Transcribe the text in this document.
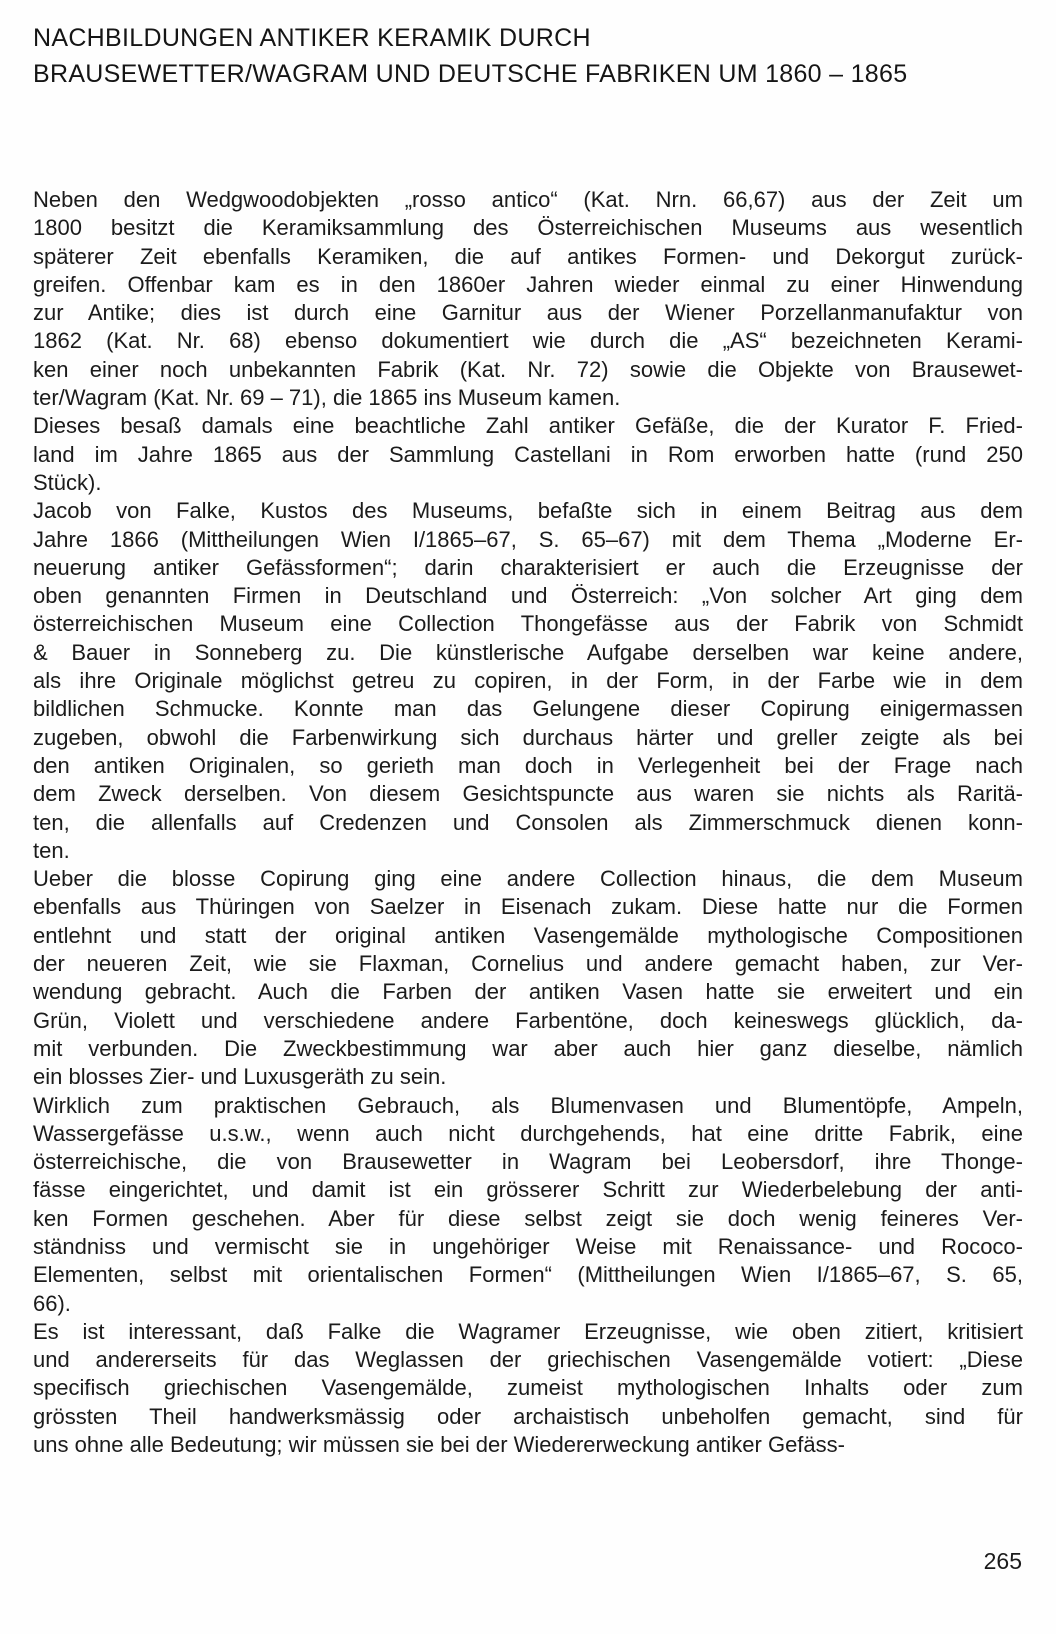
NACHBILDUNGEN ANTIKER KERAMIK DURCH
BRAUSEWETTER/WAGRAM UND DEUTSCHE FABRIKEN UM 1860 – 1865
Neben den Wedgwoodobjekten „rosso antico“ (Kat. Nrn. 66,67) aus der Zeit um
1800 besitzt die Keramiksammlung des Österreichischen Museums aus wesentlich
späterer Zeit ebenfalls Keramiken, die auf antikes Formen- und Dekorgut zurück-
greifen. Offenbar kam es in den 1860er Jahren wieder einmal zu einer Hinwendung
zur Antike; dies ist durch eine Garnitur aus der Wiener Porzellanmanufaktur von
1862 (Kat. Nr. 68) ebenso dokumentiert wie durch die „AS“ bezeichneten Kerami-
ken einer noch unbekannten Fabrik (Kat. Nr. 72) sowie die Objekte von Brausewet-
ter/Wagram (Kat. Nr. 69 – 71), die 1865 ins Museum kamen.
Dieses besaß damals eine beachtliche Zahl antiker Gefäße, die der Kurator F. Fried-
land im Jahre 1865 aus der Sammlung Castellani in Rom erworben hatte (rund 250
Stück).
Jacob von Falke, Kustos des Museums, befaßte sich in einem Beitrag aus dem
Jahre 1866 (Mittheilungen Wien I/1865–67, S. 65–67) mit dem Thema „Moderne Er-
neuerung antiker Gefässformen“; darin charakterisiert er auch die Erzeugnisse der
oben genannten Firmen in Deutschland und Österreich: „Von solcher Art ging dem
österreichischen Museum eine Collection Thongefässe aus der Fabrik von Schmidt
& Bauer in Sonneberg zu. Die künstlerische Aufgabe derselben war keine andere,
als ihre Originale möglichst getreu zu copiren, in der Form, in der Farbe wie in dem
bildlichen Schmucke. Konnte man das Gelungene dieser Copirung einigermassen
zugeben, obwohl die Farbenwirkung sich durchaus härter und greller zeigte als bei
den antiken Originalen, so gerieth man doch in Verlegenheit bei der Frage nach
dem Zweck derselben. Von diesem Gesichtspuncte aus waren sie nichts als Raritä-
ten, die allenfalls auf Credenzen und Consolen als Zimmerschmuck dienen konn-
ten.
Ueber die blosse Copirung ging eine andere Collection hinaus, die dem Museum
ebenfalls aus Thüringen von Saelzer in Eisenach zukam. Diese hatte nur die Formen
entlehnt und statt der original antiken Vasengemälde mythologische Compositionen
der neueren Zeit, wie sie Flaxman, Cornelius und andere gemacht haben, zur Ver-
wendung gebracht. Auch die Farben der antiken Vasen hatte sie erweitert und ein
Grün, Violett und verschiedene andere Farbentöne, doch keineswegs glücklich, da-
mit verbunden. Die Zweckbestimmung war aber auch hier ganz dieselbe, nämlich
ein blosses Zier- und Luxusgeräth zu sein.
Wirklich zum praktischen Gebrauch, als Blumenvasen und Blumentöpfe, Ampeln,
Wassergefässe u.s.w., wenn auch nicht durchgehends, hat eine dritte Fabrik, eine
österreichische, die von Brausewetter in Wagram bei Leobersdorf, ihre Thonge-
fässe eingerichtet, und damit ist ein grösserer Schritt zur Wiederbelebung der anti-
ken Formen geschehen. Aber für diese selbst zeigt sie doch wenig feineres Ver-
ständniss und vermischt sie in ungehöriger Weise mit Renaissance- und Rococo-
Elementen, selbst mit orientalischen Formen“ (Mittheilungen Wien I/1865–67, S. 65,
66).
Es ist interessant, daß Falke die Wagramer Erzeugnisse, wie oben zitiert, kritisiert
und andererseits für das Weglassen der griechischen Vasengemälde votiert: „Diese
specifisch griechischen Vasengemälde, zumeist mythologischen Inhalts oder zum
grössten Theil handwerksmässig oder archaistisch unbeholfen gemacht, sind für
uns ohne alle Bedeutung; wir müssen sie bei der Wiedererweckung antiker Gefäss-
265
